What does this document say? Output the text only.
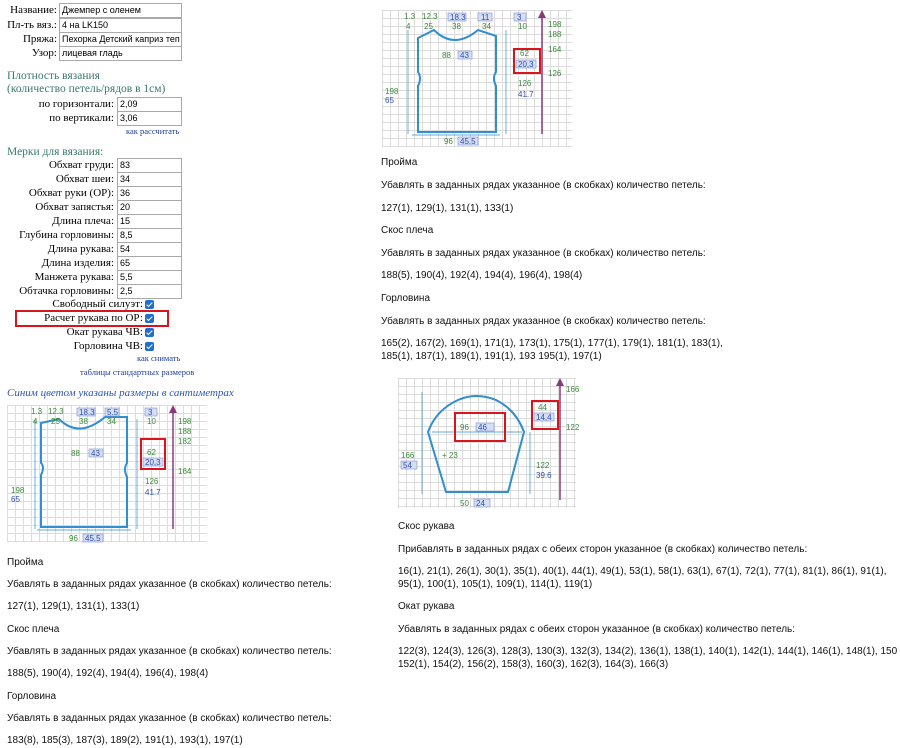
Название: Джемпер с оленем
Пл-ть вяз.: 4 на LK150
Пряжа: Пехорка Детский каприз теп
Узор: лицевая гладь
Плотность вязания
(количество петель/рядов в 1см)
по горизонтали: 2,09
по вертикали: 3,06
как рассчитать
Мерки для вязания:
Обхват груди: 83
Обхват шеи: 34
Обхват руки (ОР): 36
Обхват запястья: 20
Длина плеча: 15
Глубина горловины: 8,5
Длина рукава: 54
Длина изделия: 65
Манжета рукава: 5,5
Обтачка горловины: 2,5
Свободный силуэт:
Расчет рукава по ОР:
Окат рукава ЧВ:
Горловина ЧВ:
как снимать
таблицы стандартных размеров
Синим цветом указаны размеры в сантиметрах
1.3 12.3 18.3 5.5	3
4 25 38 34	10	198
188
182
88 43	62
20,3
164
126
41.7
198
65
96 45.5
1.3 12.3 18.3 11	3
4 25 38	34	10	198
188
164
88 43	62
20,3
126
126
41.7
198
65
96 45.5
166
44
14,4
122
96 46
+ 23
166
54	122
39.6
50 24
Пройма
Убавлять в заданных рядах указанное (в скобках) количество петель:
127(1), 129(1), 131(1), 133(1)
Скос плеча
Убавлять в заданных рядах указанное (в скобках) количество петель:
188(5), 190(4), 192(4), 194(4), 196(4), 198(4)
Горловина
Убавлять в заданных рядах указанное (в скобках) количество петель:
183(8), 185(3), 187(3), 189(2), 191(1), 193(1), 197(1)
Пройма
Убавлять в заданных рядах указанное (в скобках) количество петель:
127(1), 129(1), 131(1), 133(1)
Скос плеча
Убавлять в заданных рядах указанное (в скобках) количество петель:
188(5), 190(4), 192(4), 194(4), 196(4), 198(4)
Горловина
Убавлять в заданных рядах указанное (в скобках) количество петель:
165(2), 167(2), 169(1), 171(1), 173(1), 175(1), 177(1), 179(1), 181(1), 183(1),
185(1), 187(1), 189(1), 191(1), 193 195(1), 197(1)
Скос рукава
Прибавлять в заданных рядах с обеих сторон указанное (в скобках) количество петель:
16(1), 21(1), 26(1), 30(1), 35(1), 40(1), 44(1), 49(1), 53(1), 58(1), 63(1), 67(1), 72(1), 77(1), 81(1), 86(1), 91(1),
95(1), 100(1), 105(1), 109(1), 114(1), 119(1)
Окат рукава
Убавлять в заданных рядах с обеих сторон указанное (в скобках) количество петель:
122(3), 124(3), 126(3), 128(3), 130(3), 132(3), 134(2), 136(1), 138(1), 140(1), 142(1), 144(1), 146(1), 148(1), 150
152(1), 154(2), 156(2), 158(3), 160(3), 162(3), 164(3), 166(3)
